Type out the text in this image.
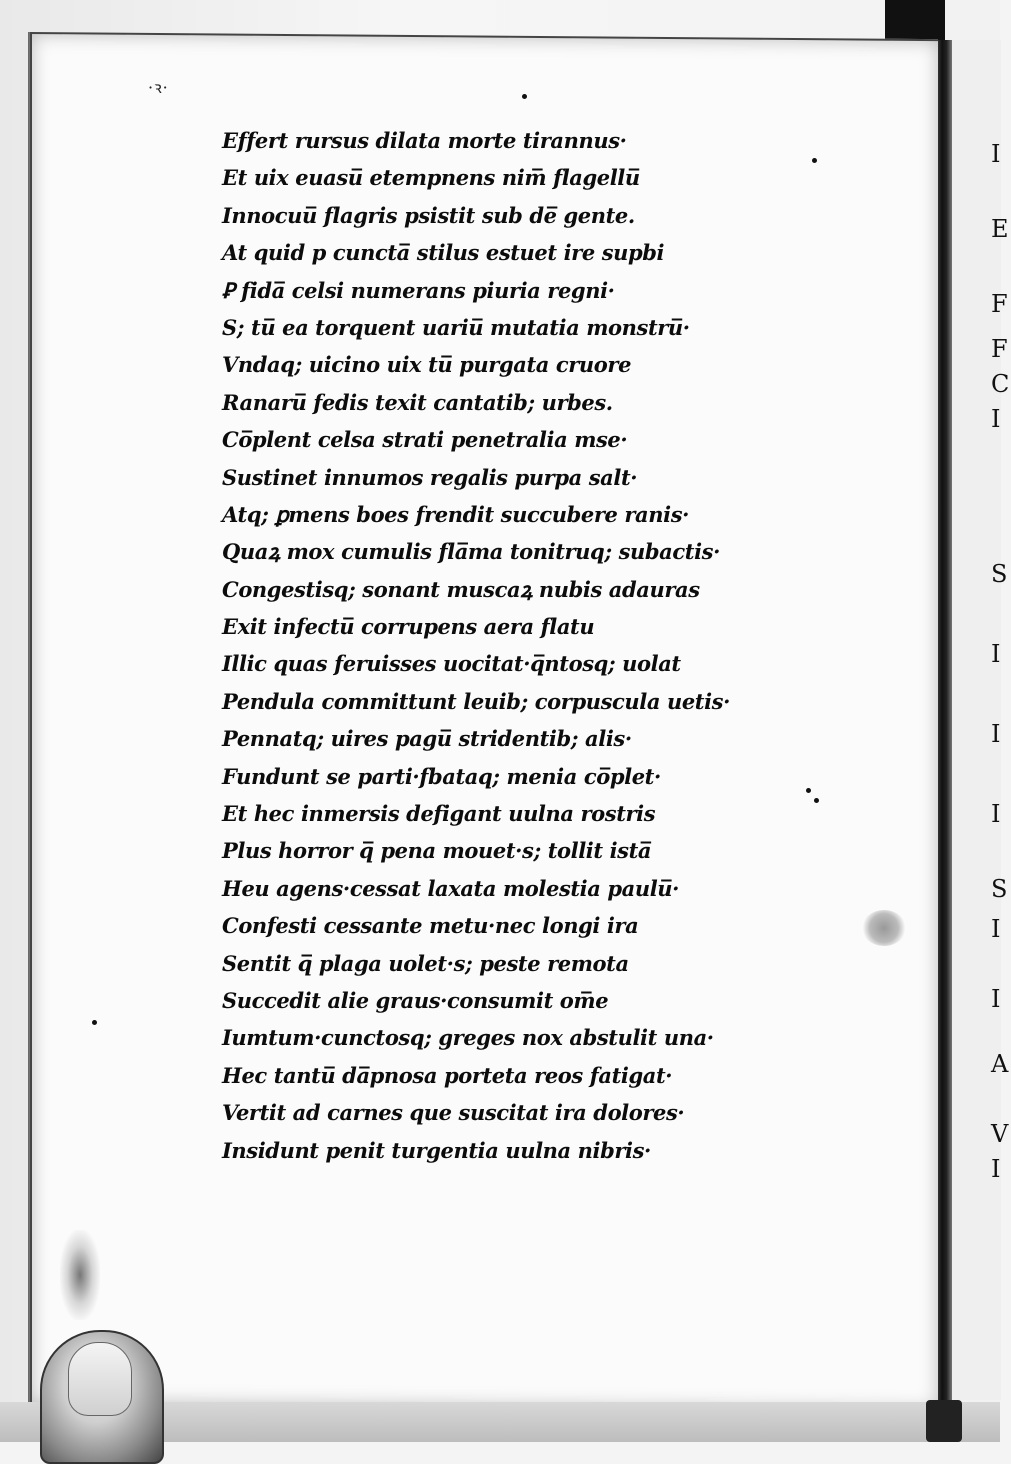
I
E
F
F
C
I
S
I
I
I
S
I
I
A
V
I
·ꝛ·
Effert rursus dilata morte tirannus·
Et uix euasu̅ etempnens nim̅ flagellu̅
Innocuu̅ flagris psistit sub de̅ gente.
At quid p cuncta̅ stilus estuet ire supbi
Ꝑ fida̅ celsi numerans piuria regni·
S; tu̅ ea torquent uariu̅ mutatia monstru̅·
Vndaq; uicino uix tu̅ purgata cruore
Ranaru̅ fedis texit cantatib; urbes.
Co̅plent celsa strati penetralia mse·
Sustinet innumos regalis purpa salt·
Atq; ꝑmens boes frendit succubere ranis·
Quaꝝ mox cumulis fla̅ma tonitruq; subactis·
Congestisq; sonant muscaꝝ nubis adauras
Exit infectu̅ corrupens aera flatu
Illic quas feruisses uocitat·q̅ntosq; uolat
Pendula committunt leuib; corpuscula uetis·
Pennatq; uires pagu̅ stridentib; alis·
Fundunt se parti·fbataq; menia co̅plet·
Et hec inmersis defigant uulna rostris
Plus horror q̅ pena mouet·s; tollit ista̅
Heu agens·cessat laxata molestia paulu̅·
Confesti cessante metu·nec longi ira
Sentit q̅ plaga uolet·s; peste remota
Succedit alie graus·consumit om̅e
Iumtum·cunctosq; greges nox abstulit una·
Hec tantu̅ da̅pnosa porteta reos fatigat·
Vertit ad carnes que suscitat ira dolores·
Insidunt penit turgentia uulna nibris·
